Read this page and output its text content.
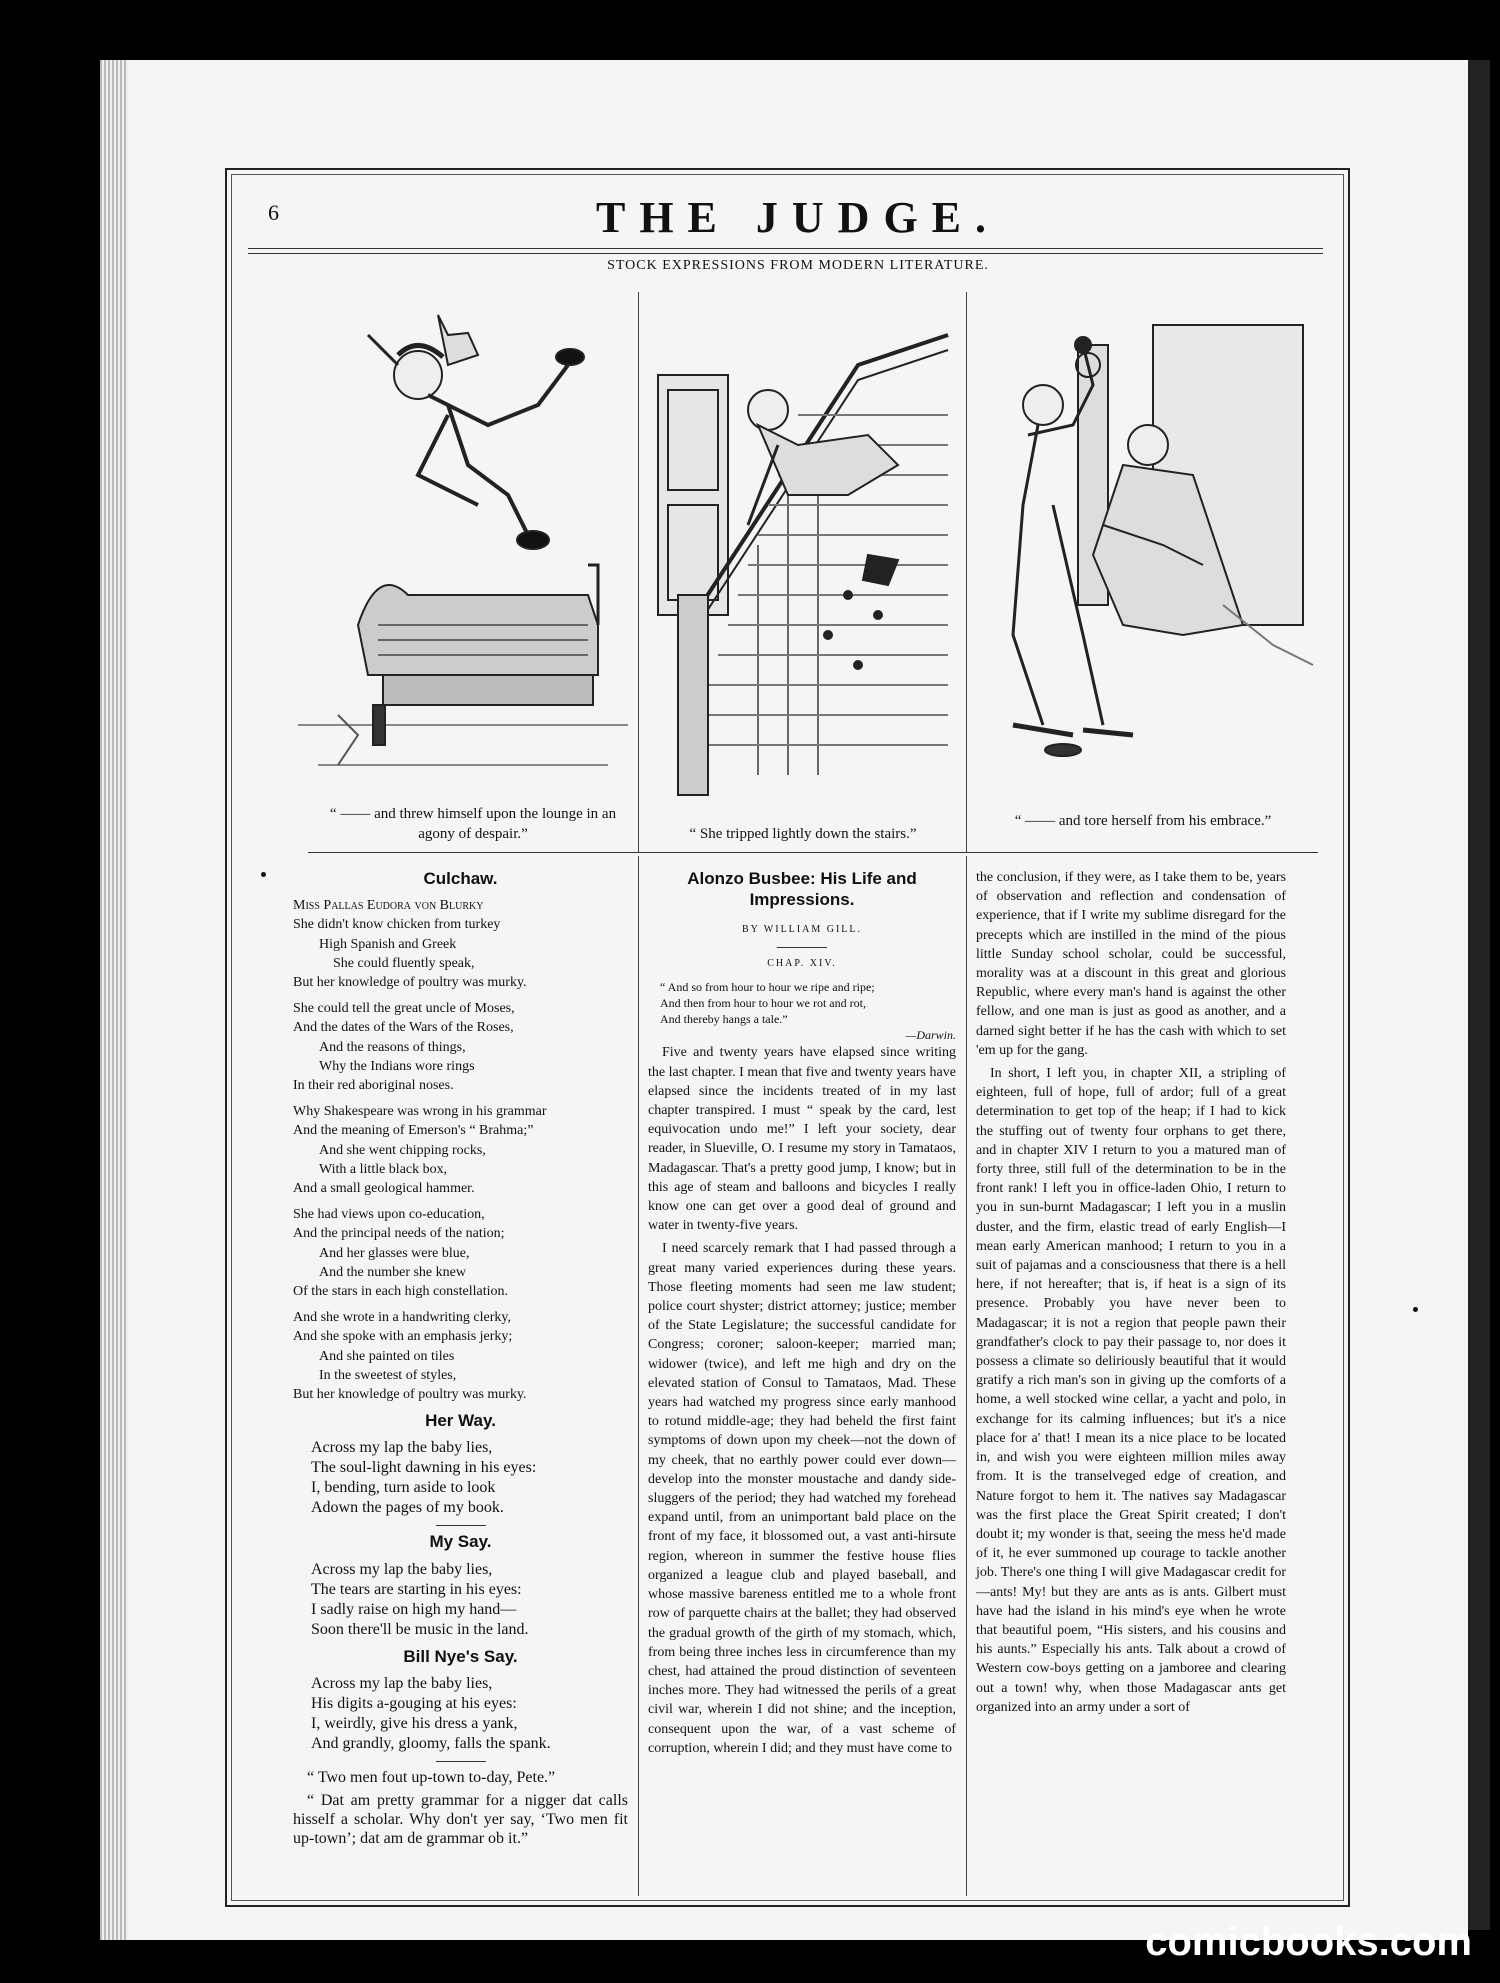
6	THE JUDGE.
STOCK EXPRESSIONS FROM MODERN LITERATURE.
“ —— and threw himself upon the lounge in an agony of despair.”	“ She tripped lightly down the stairs.”
“ —— and tore herself from his embrace.”
Culchaw.
Miss Pallas Eudora von Blurky
She didn't know chicken from turkey
High Spanish and Greek
She could fluently speak,
But her knowledge of poultry was murky.
She could tell the great uncle of Moses,
And the dates of the Wars of the Roses,
And the reasons of things,
Why the Indians wore rings
In their red aboriginal noses.
Why Shakespeare was wrong in his grammar
And the meaning of Emerson's “ Brahma;”
And she went chipping rocks,
With a little black box,
And a small geological hammer.
She had views upon co-education,
And the principal needs of the nation;
And her glasses were blue,
And the number she knew
Of the stars in each high constellation.
And she wrote in a handwriting clerky,
And she spoke with an emphasis jerky;
And she painted on tiles
In the sweetest of styles,
But her knowledge of poultry was murky.
Her Way.
Across my lap the baby lies,
The soul-light dawning in his eyes:
I, bending, turn aside to look
Adown the pages of my book.
My Say.
Across my lap the baby lies,
The tears are starting in his eyes:
I sadly raise on high my hand—
Soon there'll be music in the land.
Bill Nye's Say.
Across my lap the baby lies,
His digits a-gouging at his eyes:
I, weirdly, give his dress a yank,
And grandly, gloomy, falls the spank.

“ Two men fout up-town to-day, Pete.”

“ Dat am pretty grammar for a nigger dat calls hisself a scholar. Why don't yer say, ‘Two men fit up-town’; dat am de grammar ob it.”

Alonzo Busbee: His Life and Impressions.
BY WILLIAM GILL.
CHAP. XIV.
“ And so from hour to hour we ripe and ripe;
And then from hour to hour we rot and rot,
And thereby hangs a tale.”
—Darwin.

Five and twenty years have elapsed since writing the last chapter. I mean that five and twenty years have elapsed since the incidents treated of in my last chapter transpired. I must “ speak by the card, lest equivocation undo me!” I left your society, dear reader, in Slueville, O. I resume my story in Tamataos, Madagascar. That's a pretty good jump, I know; but in this age of steam and balloons and bicycles I really know one can get over a good deal of ground and water in twenty-five years.

I need scarcely remark that I had passed through a great many varied experiences during these years. Those fleeting moments had seen me law student; police court shyster; district attorney; justice; member of the State Legislature; the successful candidate for Congress; coroner; saloon-keeper; married man; widower (twice), and left me high and dry on the elevated station of Consul to Tamataos, Mad. These years had watched my progress since early manhood to rotund middle-age; they had beheld the first faint symptoms of down upon my cheek—not the down of my cheek, that no earthly power could ever down—develop into the monster moustache and dandy side-sluggers of the period; they had watched my forehead expand until, from an unimportant bald place on the front of my face, it blossomed out, a vast anti-hirsute region, whereon in summer the festive house flies organized a league club and played baseball, and whose massive bareness entitled me to a whole front row of parquette chairs at the ballet; they had observed the gradual growth of the girth of my stomach, which, from being three inches less in circumference than my chest, had attained the proud distinction of seventeen inches more. They had witnessed the perils of a great civil war, wherein I did not shine; and the inception, consequent upon the war, of a vast scheme of corruption, wherein I did; and they must have come to

the conclusion, if they were, as I take them to be, years of observation and reflection and condensation of experience, that if I write my sublime disregard for the precepts which are instilled in the mind of the pious little Sunday school scholar, could be successful, morality was at a discount in this great and glorious Republic, where every man's hand is against the other fellow, and one man is just as good as another, and a darned sight better if he has the cash with which to set 'em up for the gang.

In short, I left you, in chapter XII, a stripling of eighteen, full of hope, full of ardor; full of a great determination to get top of the heap; if I had to kick the stuffing out of twenty four orphans to get there, and in chapter XIV I return to you a matured man of forty three, still full of the determination to be in the front rank! I left you in office-laden Ohio, I return to you in sun-burnt Madagascar; I left you in a muslin duster, and the firm, elastic tread of early English—I mean early American manhood; I return to you in a suit of pajamas and a consciousness that there is a hell here, if not hereafter; that is, if heat is a sign of its presence. Probably you have never been to Madagascar; it is not a region that people pawn their grandfather's clock to pay their passage to, nor does it possess a climate so deliriously beautiful that it would gratify a rich man's son in giving up the comforts of a home, a well stocked wine cellar, a yacht and polo, in exchange for its calming influences; but it's a nice place for a' that! I mean its a nice place to be located in, and wish you were eighteen million miles away from. It is the transelveged edge of creation, and Nature forgot to hem it. The natives say Madagascar was the first place the Great Spirit created; I don't doubt it; my wonder is that, seeing the mess he'd made of it, he ever summoned up courage to tackle another job. There's one thing I will give Madagascar credit for—ants! My! but they are ants as is ants. Gilbert must have had the island in his mind's eye when he wrote that beautiful poem, “His sisters, and his cousins and his aunts.” Especially his ants. Talk about a crowd of Western cow-boys getting on a jamboree and clearing out a town! why, when those Madagascar ants get organized into an army under a sort of

comicbooks.com
